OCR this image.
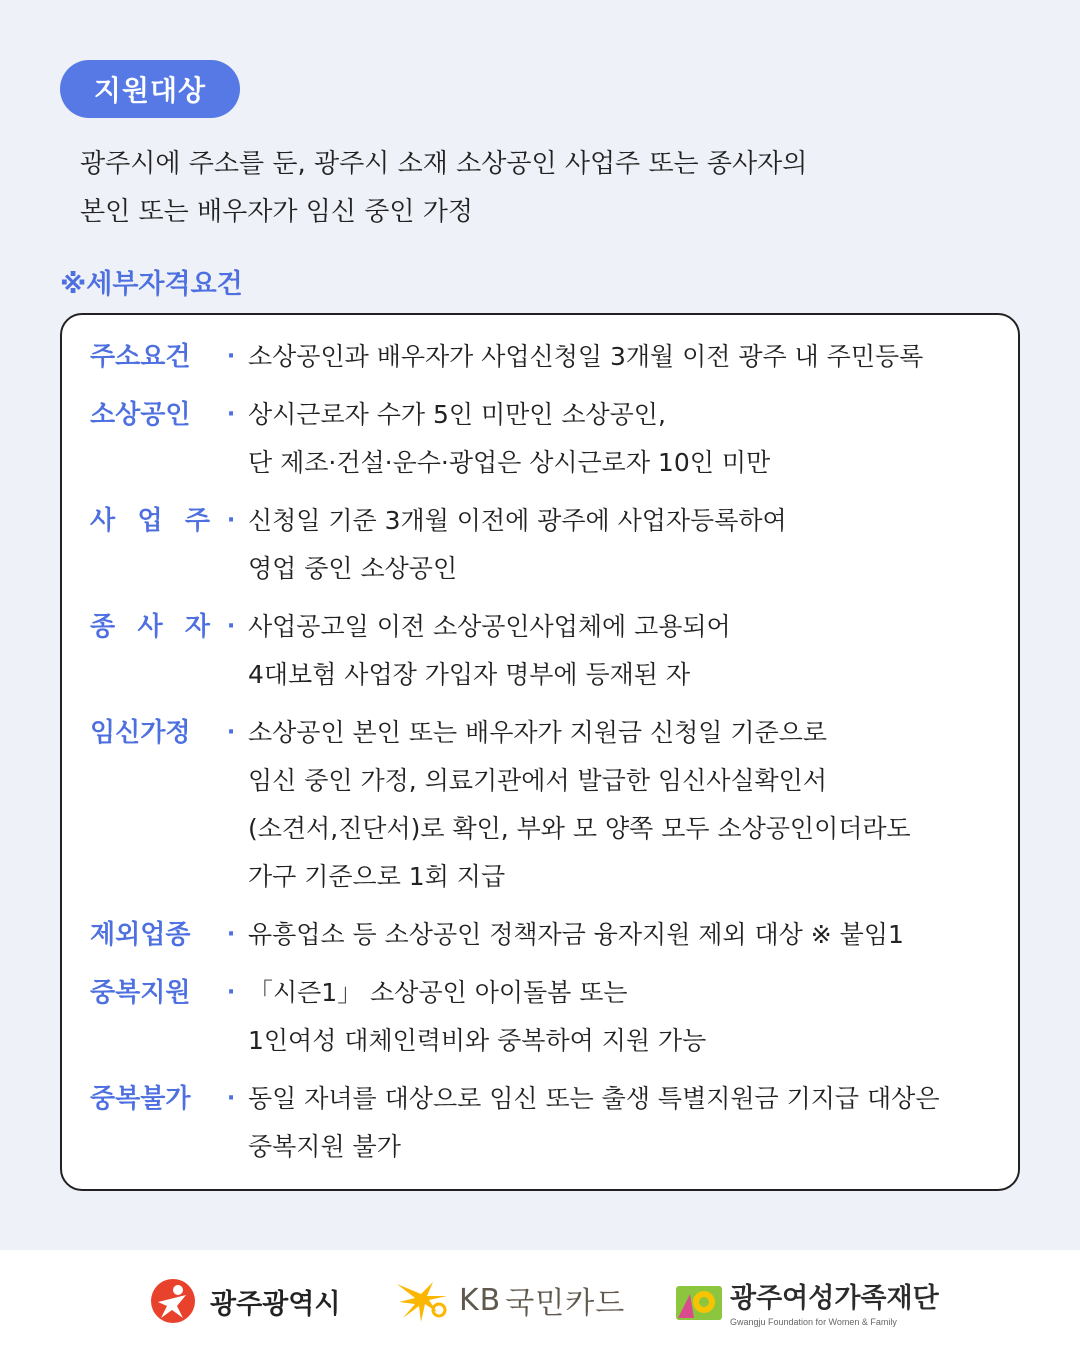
지원대상
광주시에 주소를 둔, 광주시 소재 소상공인 사업주 또는 종사자의
본인 또는 배우자가 임신 중인 가정
※세부자격요건
주소요건	· 소상공인과 배우자가 사업신청일 3개월 이전 광주 내 주민등록
소상공인	· 상시근로자 수가 5인 미만인 소상공인,
단 제조·건설·운수·광업은 상시근로자 10인 미만
사 업 주 · 신청일 기준 3개월 이전에 광주에 사업자등록하여
영업 중인 소상공인
종 사 자 · 사업공고일 이전 소상공인사업체에 고용되어
4대보험 사업장 가입자 명부에 등재된 자
임신가정	· 소상공인 본인 또는 배우자가 지원금 신청일 기준으로
임신 중인 가정, 의료기관에서 발급한 임신사실확인서
(소견서,진단서)로 확인, 부와 모 양쪽 모두 소상공인이더라도
가구 기준으로 1회 지급
제외업종	· 유흥업소 등 소상공인 정책자금 융자지원 제외 대상 ※ 붙임1
중복지원	· 「시즌1」 소상공인 아이돌봄 또는
1인여성 대체인력비와 중복하여 지원 가능
중복불가	· 동일 자녀를 대상으로 임신 또는 출생 특별지원금 기지급 대상은
중복지원 불가
광주광역시	KB 국민카드	광주여성가족재단
Gwangju Foundation for Women & Family
